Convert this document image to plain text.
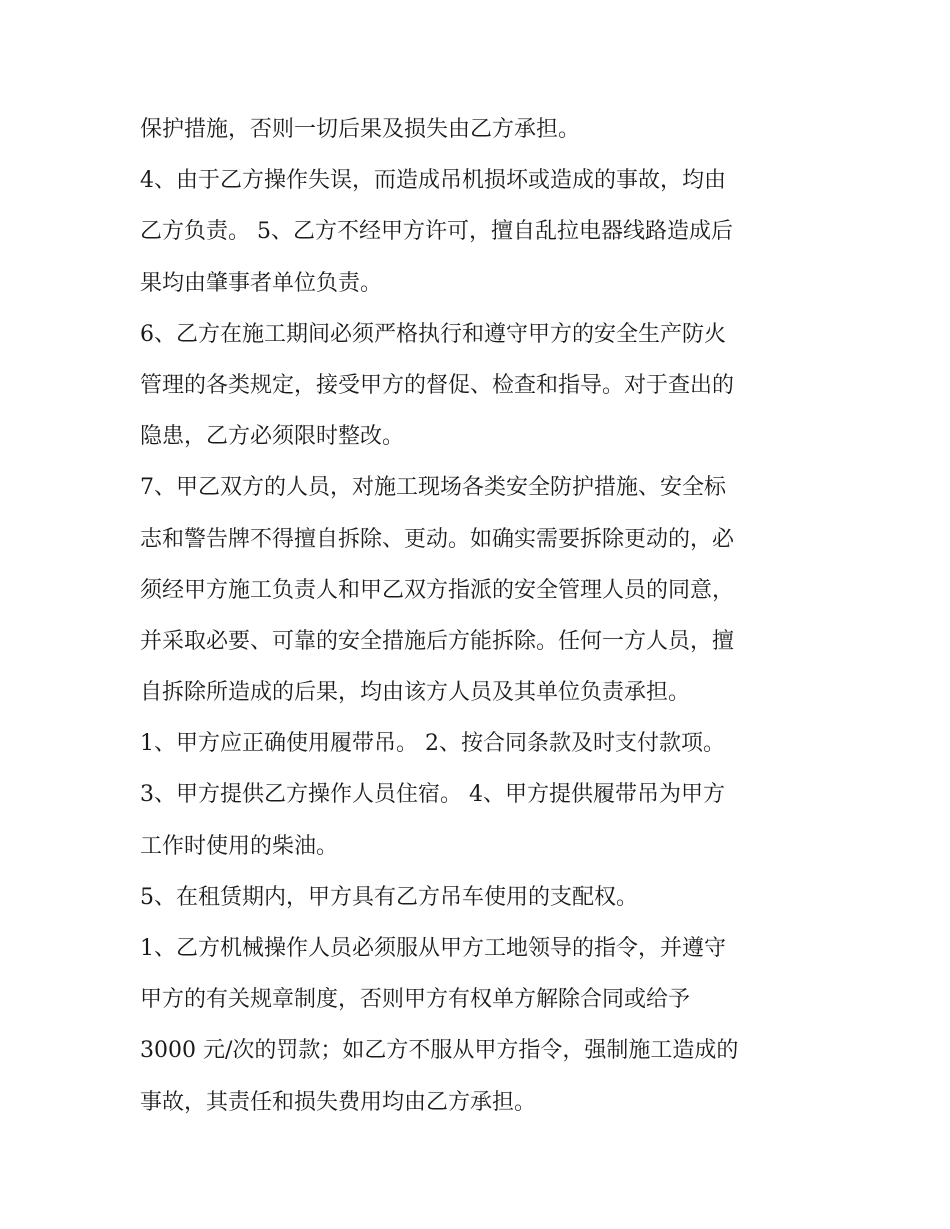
保护措施，否则一切后果及损失由乙方承担。
4、由于乙方操作失误，而造成吊机损坏或造成的事故，均由
乙方负责。 5、乙方不经甲方许可，擅自乱拉电器线路造成后
果均由肇事者单位负责。
6、乙方在施工期间必须严格执行和遵守甲方的安全生产防火
管理的各类规定，接受甲方的督促、检查和指导。对于查出的
隐患，乙方必须限时整改。
7、甲乙双方的人员，对施工现场各类安全防护措施、安全标
志和警告牌不得擅自拆除、更动。如确实需要拆除更动的，必
须经甲方施工负责人和甲乙双方指派的安全管理人员的同意，
并采取必要、可靠的安全措施后方能拆除。任何一方人员，擅
自拆除所造成的后果，均由该方人员及其单位负责承担。
1、甲方应正确使用履带吊。 2、按合同条款及时支付款项。
3、甲方提供乙方操作人员住宿。 4、甲方提供履带吊为甲方
工作时使用的柴油。
5、在租赁期内，甲方具有乙方吊车使用的支配权。
1、乙方机械操作人员必须服从甲方工地领导的指令，并遵守
甲方的有关规章制度，否则甲方有权单方解除合同或给予
3000 元/次的罚款；如乙方不服从甲方指令，强制施工造成的
事故，其责任和损失费用均由乙方承担。
